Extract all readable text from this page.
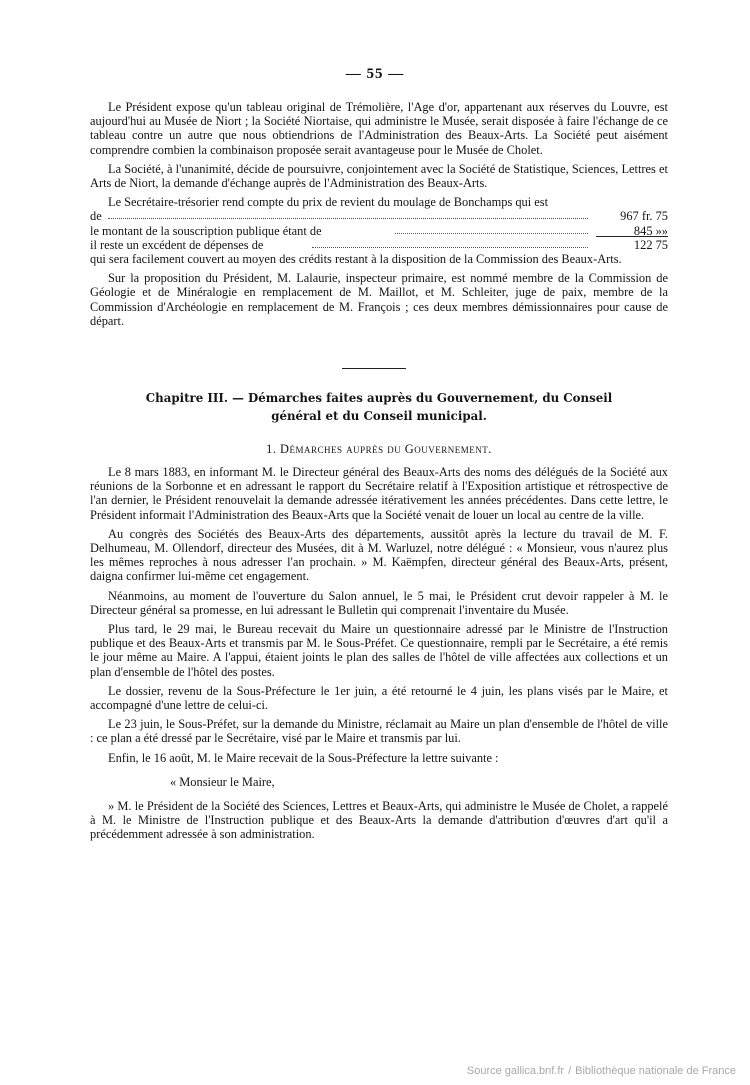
— 55 —

Le Président expose qu'un tableau original de Trémolière, l'Age d'or, appartenant aux réserves du Louvre, est aujourd'hui au Musée de Niort ; la Société Niortaise, qui administre le Musée, serait disposée à faire l'échange de ce tableau contre un autre que nous obtiendrions de l'Administration des Beaux-Arts. La Société peut aisément comprendre combien la combinaison proposée serait avantageuse pour le Musée de Cholet.

La Société, à l'unanimité, décide de poursuivre, conjointement avec la Société de Statistique, Sciences, Lettres et Arts de Niort, la demande d'échange auprès de l'Administration des Beaux-Arts.

Le Secrétaire-trésorier rend compte du prix de revient du moulage de Bonchamps qui est

de	967 fr. 75
le montant de la souscription publique étant de	845 »»
il reste un excédent de dépenses de	122 75

qui sera facilement couvert au moyen des crédits restant à la disposition de la Commission des Beaux-Arts.

Sur la proposition du Président, M. Lalaurie, inspecteur primaire, est nommé membre de la Commission de Géologie et de Minéralogie en remplacement de M. Maillot, et M. Schleiter, juge de paix, membre de la Commission d'Archéologie en remplacement de M. François ; ces deux membres démissionnaires pour cause de départ.

Chapitre III. — Démarches faites auprès du Gouvernement, du Conseil
général et du Conseil municipal.
1. Démarches auprès du Gouvernement.

Le 8 mars 1883, en informant M. le Directeur général des Beaux-Arts des noms des délégués de la Société aux réunions de la Sorbonne et en adressant le rapport du Secrétaire relatif à l'Exposition artistique et rétrospective de l'an dernier, le Président renouvelait la demande adressée itérativement les années précédentes. Dans cette lettre, le Président informait l'Administration des Beaux-Arts que la Société venait de louer un local au centre de la ville.

Au congrès des Sociétés des Beaux-Arts des départements, aussitôt après la lecture du travail de M. F. Delhumeau, M. Ollendorf, directeur des Musées, dit à M. Warluzel, notre délégué : « Monsieur, vous n'aurez plus les mêmes reproches à nous adresser l'an prochain. » M. Kaëmpfen, directeur général des Beaux-Arts, présent, daigna confirmer lui-même cet engagement.

Néanmoins, au moment de l'ouverture du Salon annuel, le 5 mai, le Président crut devoir rappeler à M. le Directeur général sa promesse, en lui adressant le Bulletin qui comprenait l'inventaire du Musée.

Plus tard, le 29 mai, le Bureau recevait du Maire un questionnaire adressé par le Ministre de l'Instruction publique et des Beaux-Arts et transmis par M. le Sous-Préfet. Ce questionnaire, rempli par le Secrétaire, a été remis le jour même au Maire. A l'appui, étaient joints le plan des salles de l'hôtel de ville affectées aux collections et un plan d'ensemble de l'hôtel des postes.

Le dossier, revenu de la Sous-Préfecture le 1er juin, a été retourné le 4 juin, les plans visés par le Maire, et accompagné d'une lettre de celui-ci.

Le 23 juin, le Sous-Préfet, sur la demande du Ministre, réclamait au Maire un plan d'ensemble de l'hôtel de ville : ce plan a été dressé par le Secrétaire, visé par le Maire et transmis par lui.

Enfin, le 16 août, M. le Maire recevait de la Sous-Préfecture la lettre suivante :

« Monsieur le Maire,

» M. le Président de la Société des Sciences, Lettres et Beaux-Arts, qui administre le Musée de Cholet, a rappelé à M. le Ministre de l'Instruction publique et des Beaux-Arts la demande d'attribution d'œuvres d'art qu'il a précédemment adressée à son administration.

Source gallica.bnf.fr / Bibliothèque nationale de France
